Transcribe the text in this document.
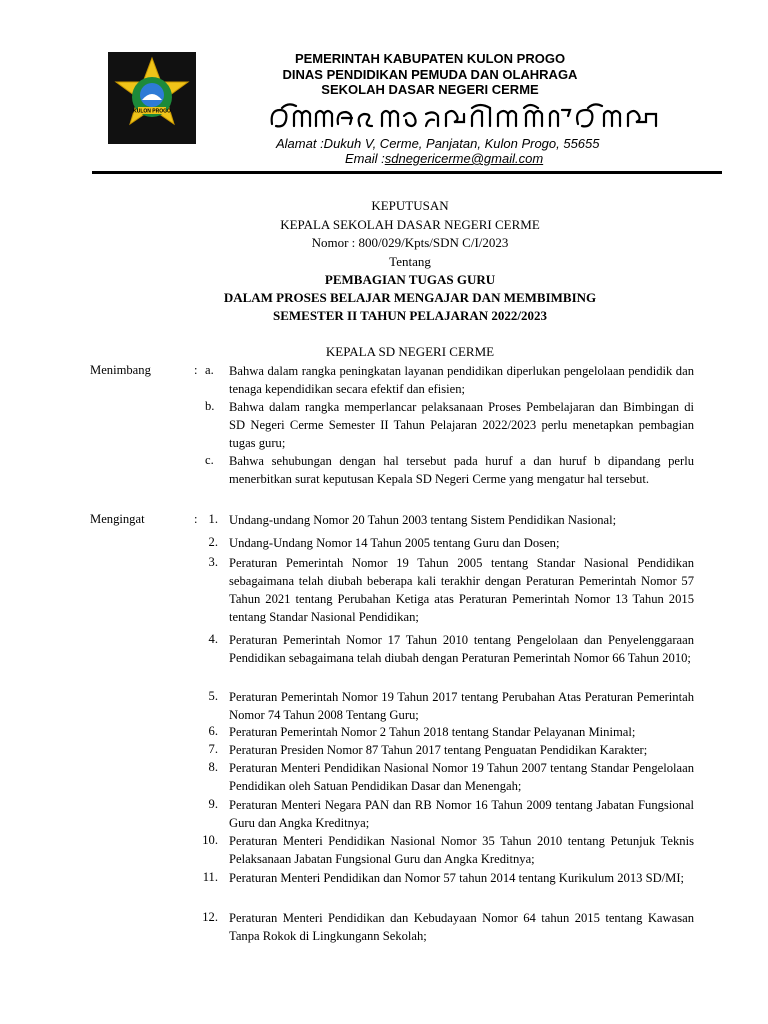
KULON PROGO
PEMERINTAH KABUPATEN KULON PROGO
DINAS PENDIDIKAN PEMUDA DAN OLAHRAGA
SEKOLAH DASAR NEGERI CERME
Alamat :Dukuh V, Cerme, Panjatan, Kulon Progo, 55655
Email :sdnegericerme@gmail.com
KEPUTUSAN
KEPALA SEKOLAH DASAR NEGERI CERME
Nomor : 800/029/Kpts/SDN C/I/2023
Tentang
PEMBAGIAN TUGAS GURU
DALAM PROSES BELAJAR MENGAJAR DAN MEMBIMBING
SEMESTER II TAHUN PELAJARAN 2022/2023
KEPALA SD NEGERI CERME
Menimbang	: a. Bahwa dalam rangka peningkatan layanan pendidikan diperlukan pengelolaan pendidik dan tenaga kependidikan secara efektif dan efisien;
b. Bahwa dalam rangka memperlancar pelaksanaan Proses Pembelajaran dan Bimbingan di SD Negeri Cerme Semester II Tahun Pelajaran 2022/2023 perlu menetapkan pembagian tugas guru;
c. Bahwa sehubungan dengan hal tersebut pada huruf a dan huruf b dipandang perlu menerbitkan surat keputusan Kepala SD Negeri Cerme yang mengatur hal tersebut.
Mengingat	: 1. Undang-undang Nomor 20 Tahun 2003 tentang Sistem Pendidikan Nasional;
2. Undang-Undang Nomor 14 Tahun 2005 tentang Guru dan Dosen;
3. Peraturan Pemerintah Nomor 19 Tahun 2005 tentang Standar Nasional Pendidikan sebagaimana telah diubah beberapa kali terakhir dengan Peraturan Pemerintah Nomor 57 Tahun 2021 tentang Perubahan Ketiga atas Peraturan Pemerintah Nomor 13 Tahun 2015 tentang Standar Nasional Pendidikan;
4. Peraturan Pemerintah Nomor 17 Tahun 2010 tentang Pengelolaan dan Penyelenggaraan Pendidikan sebagaimana telah diubah dengan Peraturan Pemerintah Nomor 66 Tahun 2010;
5. Peraturan Pemerintah Nomor 19 Tahun 2017 tentang Perubahan Atas Peraturan Pemerintah Nomor 74 Tahun 2008 Tentang Guru;
6. Peraturan Pemerintah Nomor 2 Tahun 2018 tentang Standar Pelayanan Minimal;
7. Peraturan Presiden Nomor 87 Tahun 2017 tentang Penguatan Pendidikan Karakter;
8. Peraturan Menteri Pendidikan Nasional Nomor 19 Tahun 2007 tentang Standar Pengelolaan Pendidikan oleh Satuan Pendidikan Dasar dan Menengah;
9. Peraturan Menteri Negara PAN dan RB Nomor 16 Tahun 2009 tentang Jabatan Fungsional Guru dan Angka Kreditnya;
10. Peraturan Menteri Pendidikan Nasional Nomor 35 Tahun 2010 tentang Petunjuk Teknis Pelaksanaan Jabatan Fungsional Guru dan Angka Kreditnya;
11. Peraturan Menteri Pendidikan dan Nomor 57 tahun 2014 tentang Kurikulum 2013 SD/MI;
12. Peraturan Menteri Pendidikan dan Kebudayaan Nomor 64 tahun 2015 tentang Kawasan Tanpa Rokok di Lingkungann Sekolah;
